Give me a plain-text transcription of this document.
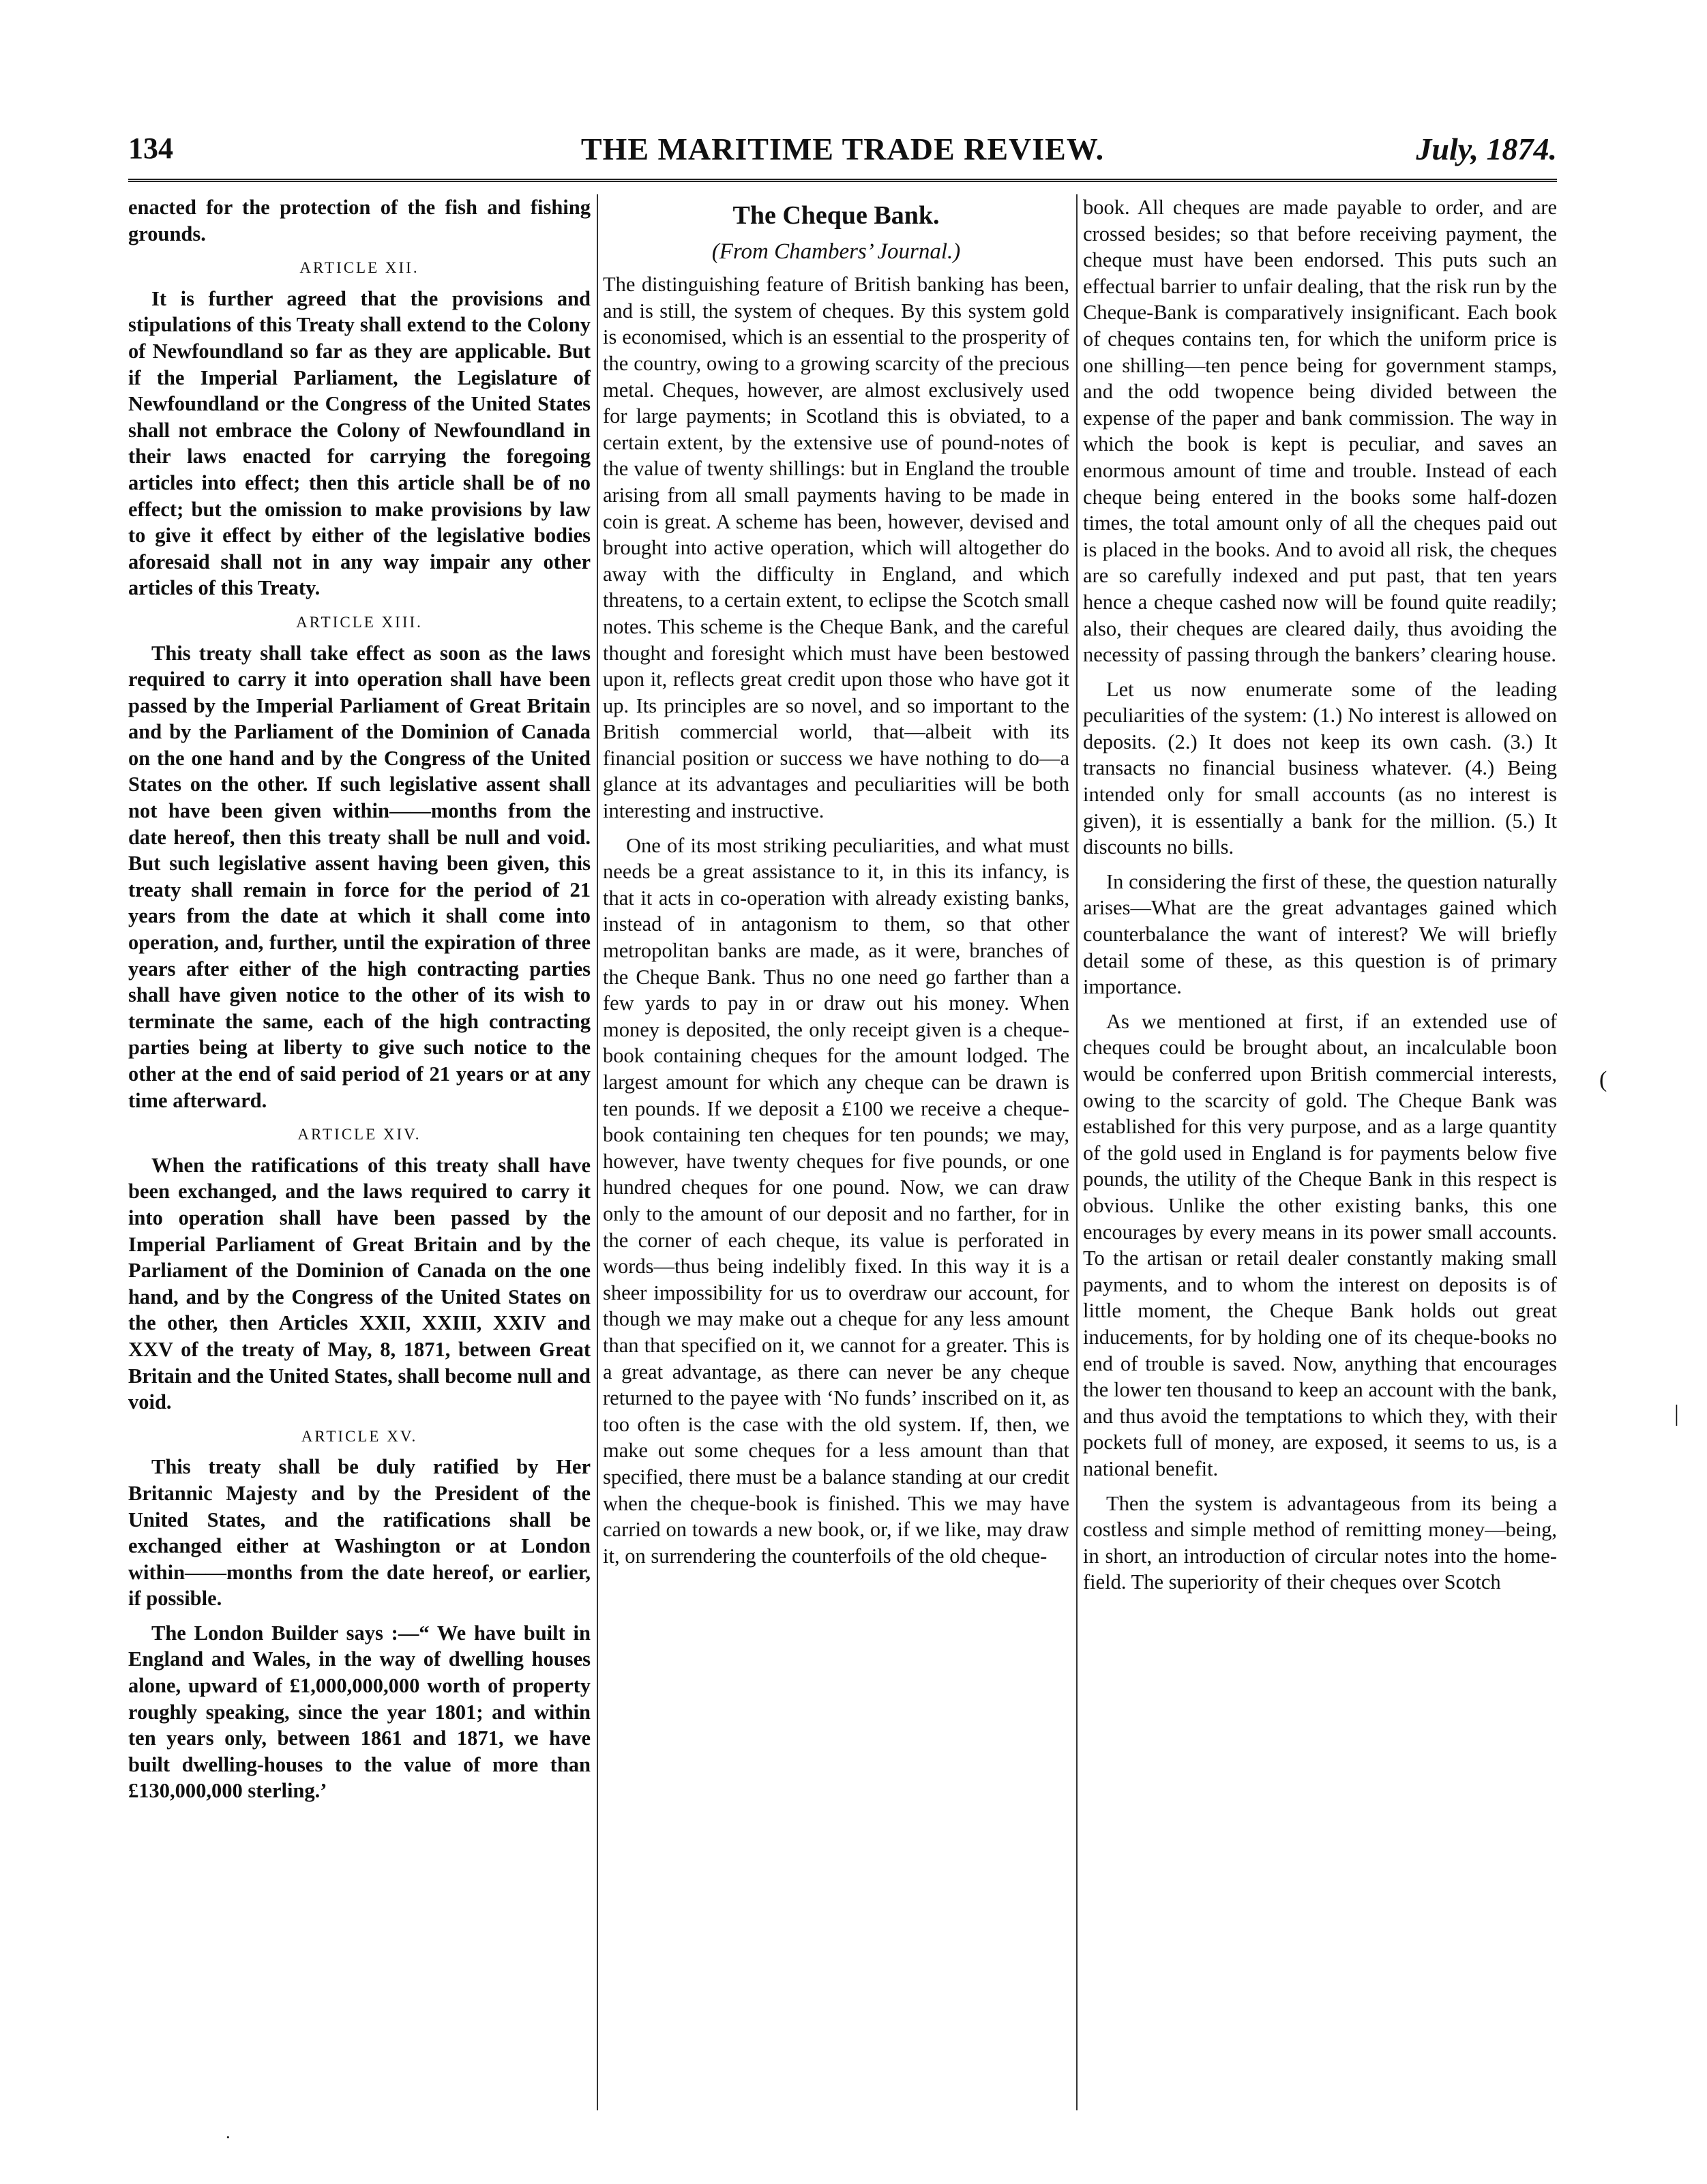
134	THE MARITIME TRADE REVIEW.	July, 1874.

enacted for the protection of the fish and fishing grounds.

ARTICLE XII.

It is further agreed that the provisions and stipulations of this Treaty shall extend to the Colony of Newfoundland so far as they are applicable. But if the Imperial Parliament, the Legislature of Newfoundland or the Congress of the United States shall not embrace the Colony of Newfoundland in their laws enacted for carrying the foregoing articles into effect; then this article shall be of no effect; but the omission to make provisions by law to give it effect by either of the legislative bodies aforesaid shall not in any way impair any other articles of this Treaty.

ARTICLE XIII.

This treaty shall take effect as soon as the laws required to carry it into operation shall have been passed by the Imperial Parliament of Great Britain and by the Parliament of the Dominion of Canada on the one hand and by the Congress of the United States on the other. If such legislative assent shall not have been given within——months from the date hereof, then this treaty shall be null and void. But such legislative assent having been given, this treaty shall remain in force for the period of 21 years from the date at which it shall come into operation, and, further, until the expiration of three years after either of the high contracting parties shall have given notice to the other of its wish to terminate the same, each of the high contracting parties being at liberty to give such notice to the other at the end of said period of 21 years or at any time afterward.

ARTICLE XIV.

When the ratifications of this treaty shall have been exchanged, and the laws required to carry it into operation shall have been passed by the Imperial Parliament of Great Britain and by the Parliament of the Dominion of Canada on the one hand, and by the Congress of the United States on the other, then Articles XXII, XXIII, XXIV and XXV of the treaty of May, 8, 1871, between Great Britain and the United States, shall become null and void.

ARTICLE XV.

This treaty shall be duly ratified by Her Britannic Majesty and by the President of the United States, and the ratifications shall be exchanged either at Washington or at London within——months from the date hereof, or earlier, if possible.

The London Builder says :—“ We have built in England and Wales, in the way of dwelling houses alone, upward of £1,000,000,000 worth of property roughly speaking, since the year 1801; and within ten years only, between 1861 and 1871, we have built dwelling-houses to the value of more than £130,000,000 sterling.’

The Cheque Bank.
(From Chambers’ Journal.)

The distinguishing feature of British banking has been, and is still, the system of cheques. By this system gold is economised, which is an essential to the prosperity of the country, owing to a growing scarcity of the precious metal. Cheques, however, are almost exclusively used for large payments; in Scotland this is obviated, to a certain extent, by the extensive use of pound-notes of the value of twenty shillings: but in England the trouble arising from all small payments having to be made in coin is great. A scheme has been, however, devised and brought into active operation, which will altogether do away with the difficulty in England, and which threatens, to a certain extent, to eclipse the Scotch small notes. This scheme is the Cheque Bank, and the careful thought and foresight which must have been bestowed upon it, reflects great credit upon those who have got it up. Its principles are so novel, and so important to the British commercial world, that—albeit with its financial position or success we have nothing to do—a glance at its advantages and peculiarities will be both interesting and instructive.

One of its most striking peculiarities, and what must needs be a great assistance to it, in this its infancy, is that it acts in co-operation with already existing banks, instead of in antagonism to them, so that other metropolitan banks are made, as it were, branches of the Cheque Bank. Thus no one need go farther than a few yards to pay in or draw out his money. When money is deposited, the only receipt given is a cheque-book containing cheques for the amount lodged. The largest amount for which any cheque can be drawn is ten pounds. If we deposit a £100 we receive a cheque-book containing ten cheques for ten pounds; we may, however, have twenty cheques for five pounds, or one hundred cheques for one pound. Now, we can draw only to the amount of our deposit and no farther, for in the corner of each cheque, its value is perforated in words—thus being indelibly fixed. In this way it is a sheer impossibility for us to overdraw our account, for though we may make out a cheque for any less amount than that specified on it, we cannot for a greater. This is a great advantage, as there can never be any cheque returned to the payee with ‘No funds’ inscribed on it, as too often is the case with the old system. If, then, we make out some cheques for a less amount than that specified, there must be a balance standing at our credit when the cheque-book is finished. This we may have carried on towards a new book, or, if we like, may draw it, on surrendering the counterfoils of the old cheque-

book. All cheques are made payable to order, and are crossed besides; so that before receiving payment, the cheque must have been endorsed. This puts such an effectual barrier to unfair dealing, that the risk run by the Cheque-Bank is comparatively insignificant. Each book of cheques contains ten, for which the uniform price is one shilling—ten pence being for government stamps, and the odd twopence being divided between the expense of the paper and bank commission. The way in which the book is kept is peculiar, and saves an enormous amount of time and trouble. Instead of each cheque being entered in the books some half-dozen times, the total amount only of all the cheques paid out is placed in the books. And to avoid all risk, the cheques are so carefully indexed and put past, that ten years hence a cheque cashed now will be found quite readily; also, their cheques are cleared daily, thus avoiding the necessity of passing through the bankers’ clearing house.

Let us now enumerate some of the leading peculiarities of the system: (1.) No interest is allowed on deposits. (2.) It does not keep its own cash. (3.) It transacts no financial business whatever. (4.) Being intended only for small accounts (as no interest is given), it is essentially a bank for the million. (5.) It discounts no bills.

In considering the first of these, the question naturally arises—What are the great advantages gained which counterbalance the want of interest? We will briefly detail some of these, as this question is of primary importance.

As we mentioned at first, if an extended use of cheques could be brought about, an incalculable boon would be conferred upon British commercial interests, owing to the scarcity of gold. The Cheque Bank was established for this very purpose, and as a large quantity of the gold used in England is for payments below five pounds, the utility of the Cheque Bank in this respect is obvious. Unlike the other existing banks, this one encourages by every means in its power small accounts. To the artisan or retail dealer constantly making small payments, and to whom the interest on deposits is of little moment, the Cheque Bank holds out great inducements, for by holding one of its cheque-books no end of trouble is saved. Now, anything that encourages the lower ten thousand to keep an account with the bank, and thus avoid the temptations to which they, with their pockets full of money, are exposed, it seems to us, is a national benefit.

Then the system is advantageous from its being a costless and simple method of remitting money—being, in short, an introduction of circular notes into the home-field. The superiority of their cheques over Scotch

(
|
·
